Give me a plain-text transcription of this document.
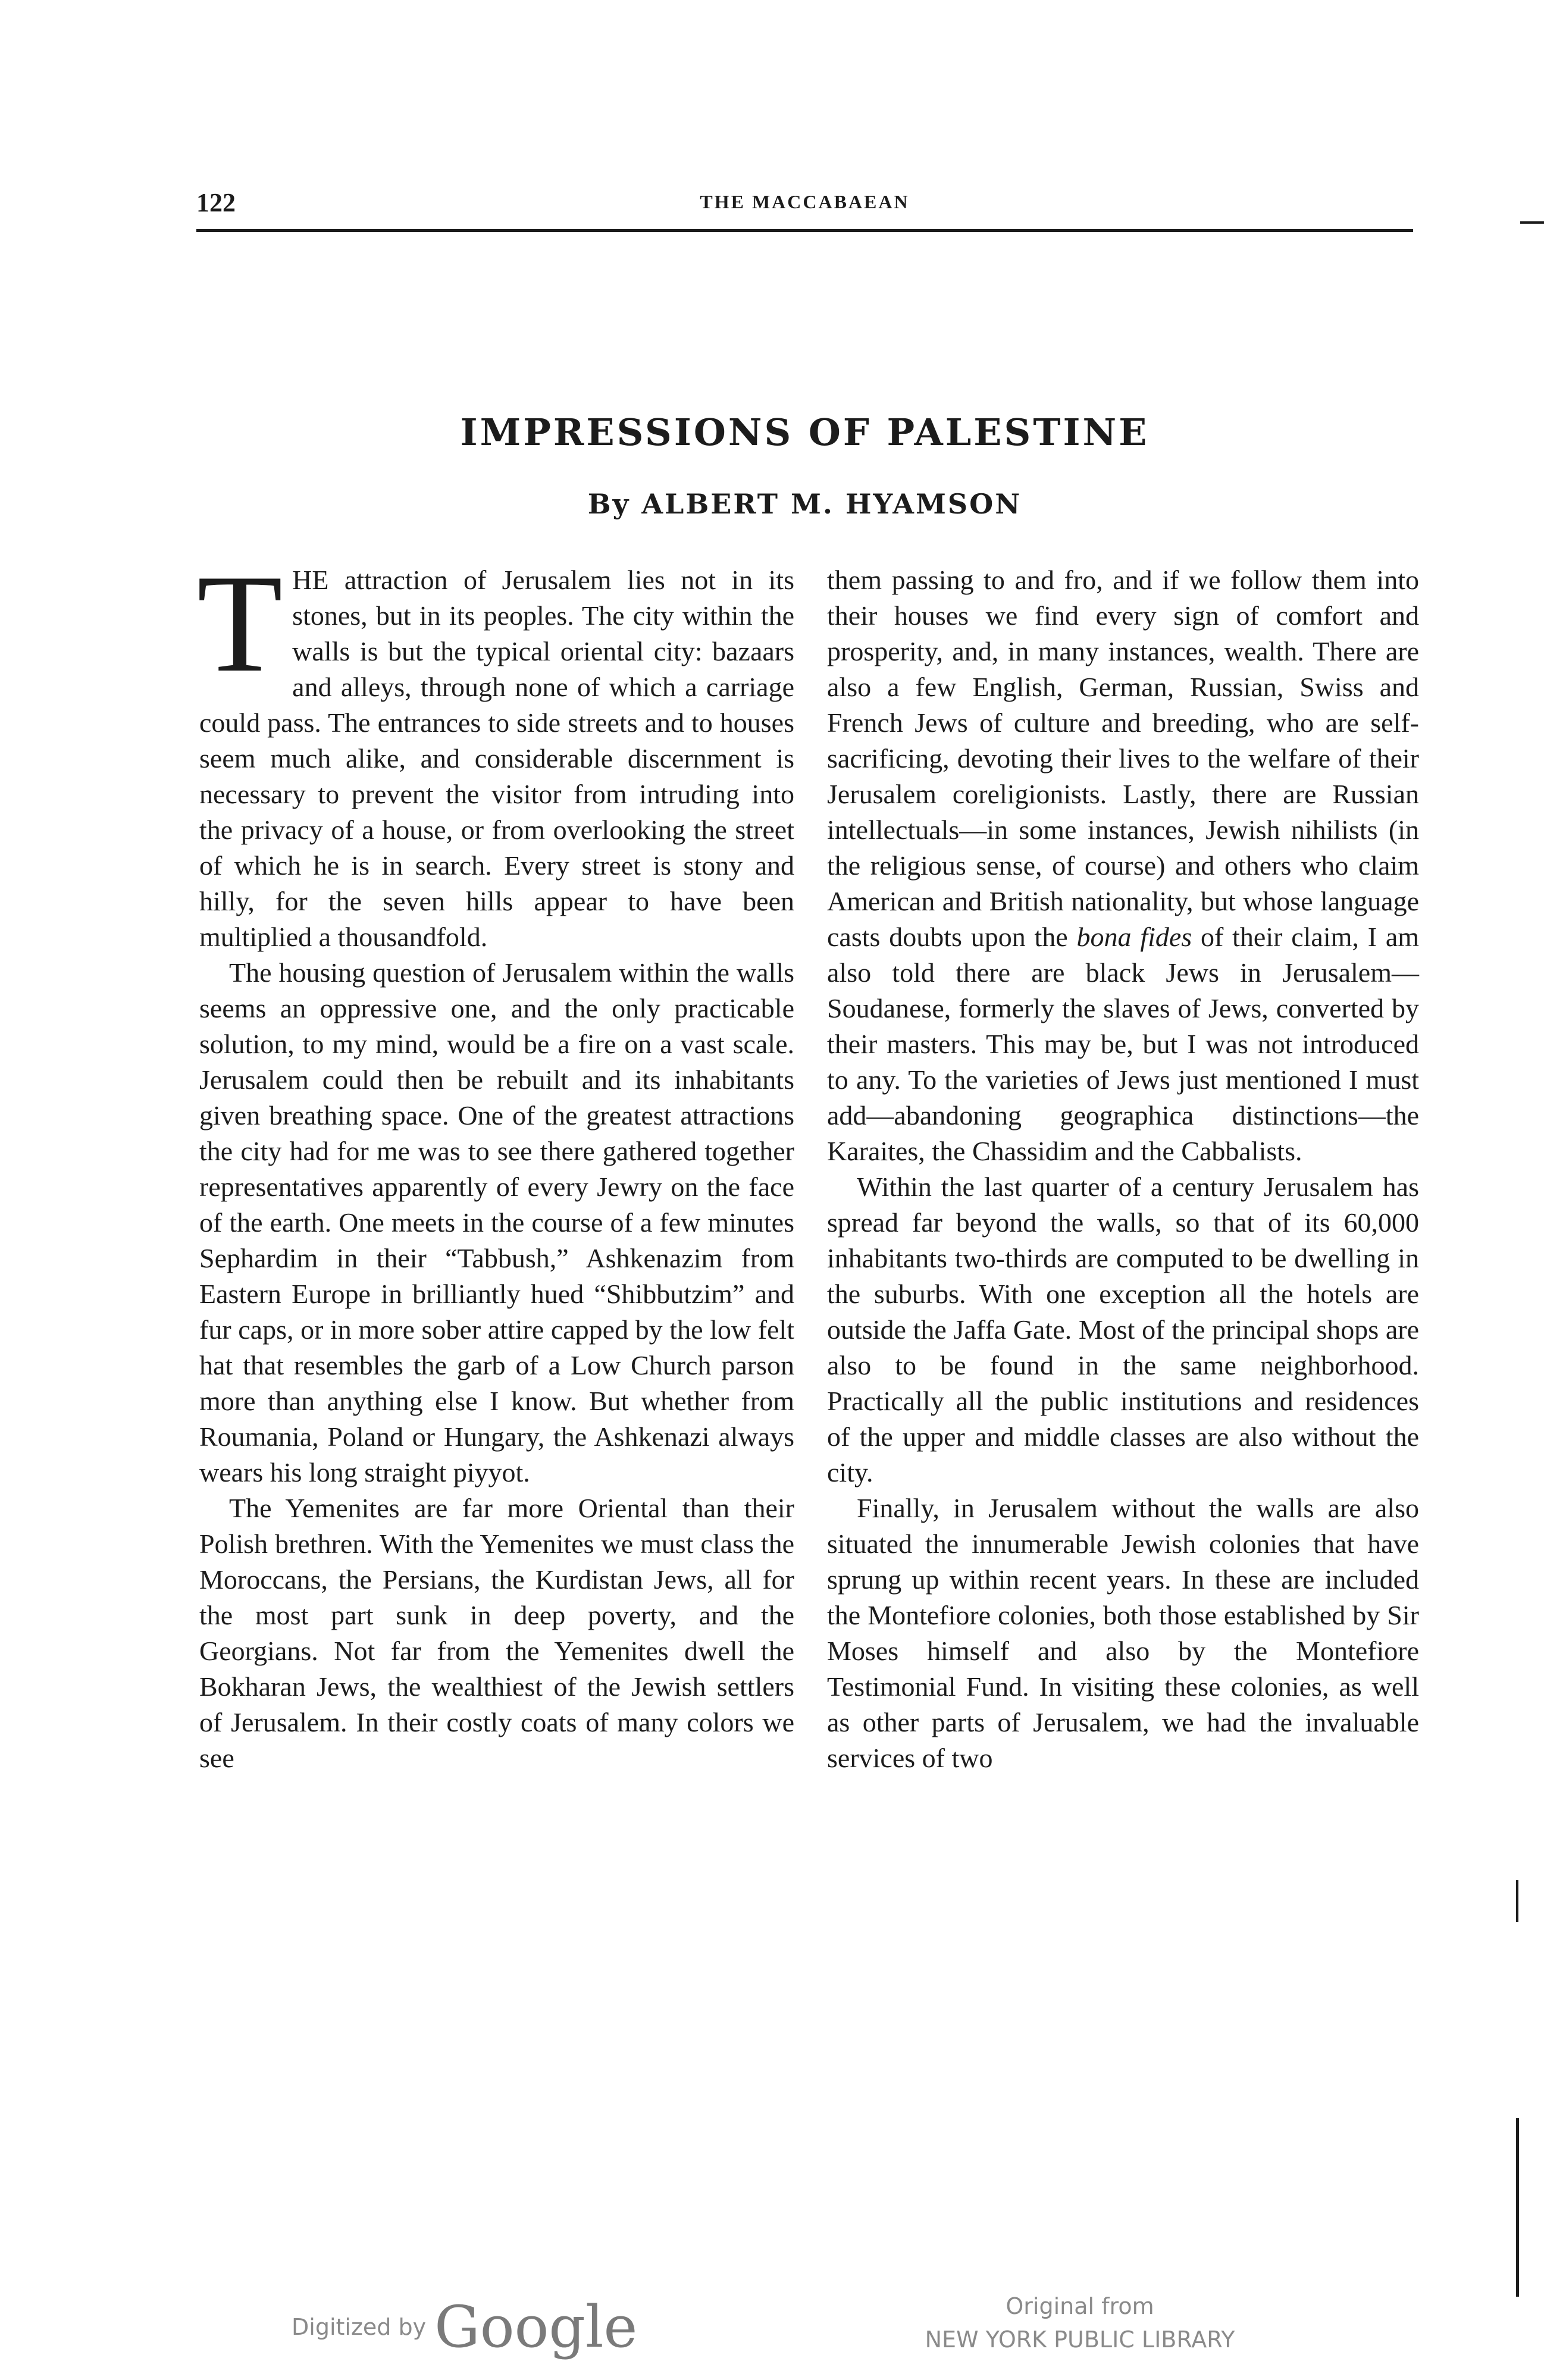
122	THE MACCABAEAN
IMPRESSIONS OF PALESTINE
By ALBERT M. HYAMSON

THE attraction of Jerusalem lies not in its stones, but in its peoples. The city within the walls is but the typical oriental city: bazaars and alleys, through none of which a carriage could pass. The entrances to side streets and to houses seem much alike, and considerable discernment is necessary to prevent the visitor from intruding into the privacy of a house, or from overlooking the street of which he is in search. Every street is stony and hilly, for the seven hills appear to have been multiplied a thousandfold.

The housing question of Jerusalem within the walls seems an oppressive one, and the only practicable solution, to my mind, would be a fire on a vast scale. Jerusalem could then be rebuilt and its inhabitants given breathing space. One of the greatest attractions the city had for me was to see there gathered together representatives apparently of every Jewry on the face of the earth. One meets in the course of a few minutes Sephardim in their “Tabbush,” Ashkenazim from Eastern Europe in brilliantly hued “Shibbutzim” and fur caps, or in more sober attire capped by the low felt hat that resembles the garb of a Low Church parson more than anything else I know. But whether from Roumania, Poland or Hungary, the Ashkenazi always wears his long straight piyyot.

The Yemenites are far more Oriental than their Polish brethren. With the Yemenites we must class the Moroccans, the Persians, the Kurdistan Jews, all for the most part sunk in deep poverty, and the Georgians. Not far from the Yemenites dwell the Bokharan Jews, the wealthiest of the Jewish settlers of Jerusalem. In their costly coats of many colors we see

them passing to and fro, and if we follow them into their houses we find every sign of comfort and prosperity, and, in many instances, wealth. There are also a few English, German, Russian, Swiss and French Jews of culture and breeding, who are self-sacrificing, devoting their lives to the welfare of their Jerusalem coreligionists. Lastly, there are Russian intellectuals—in some instances, Jewish nihilists (in the religious sense, of course) and others who claim American and British nationality, but whose language casts doubts upon the bona fides of their claim, I am also told there are black Jews in Jerusalem—Soudanese, formerly the slaves of Jews, converted by their masters. This may be, but I was not introduced to any. To the varieties of Jews just mentioned I must add—abandoning geographica distinctions—the Karaites, the Chassidim and the Cabbalists.

Within the last quarter of a century Jerusalem has spread far beyond the walls, so that of its 60,000 inhabitants two-thirds are computed to be dwelling in the suburbs. With one exception all the hotels are outside the Jaffa Gate. Most of the principal shops are also to be found in the same neighborhood. Practically all the public institutions and residences of the upper and middle classes are also without the city.

Finally, in Jerusalem without the walls are also situated the innumerable Jewish colonies that have sprung up within recent years. In these are included the Montefiore colonies, both those established by Sir Moses himself and also by the Montefiore Testimonial Fund. In visiting these colonies, as well as other parts of Jerusalem, we had the invaluable services of two

Digitized by Google	Original from
NEW YORK PUBLIC LIBRARY
